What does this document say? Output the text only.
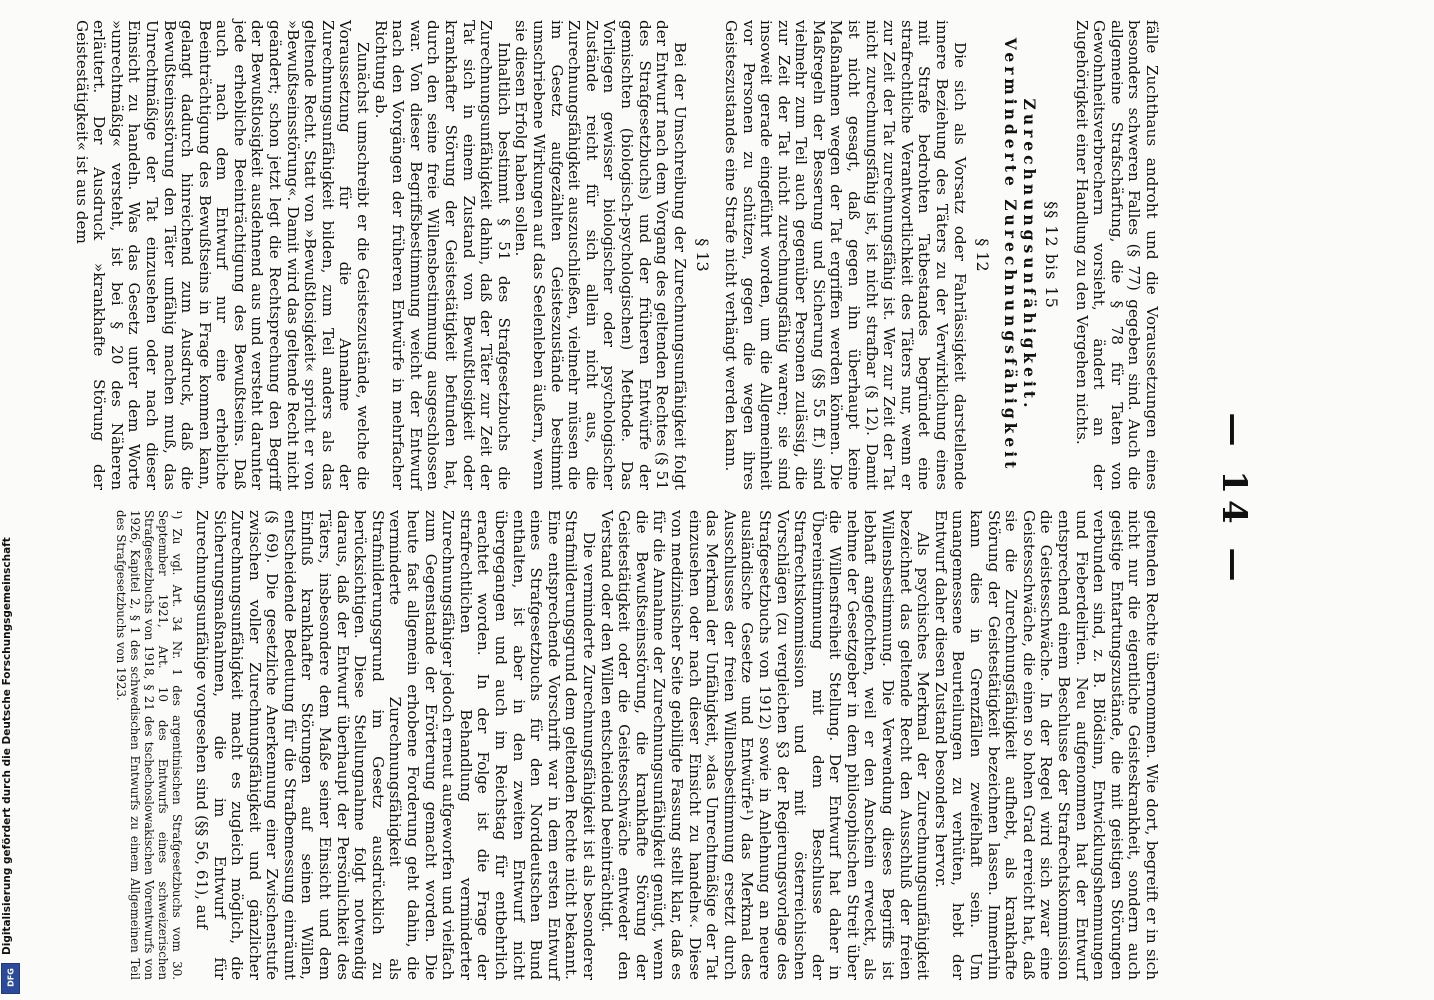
Digitalisierung gefördert durch die Deutsche Forschungsgemeinschaft
DFG
— 14 —

fälle Zuchthaus androht und die Voraussetzungen eines besonders schweren Falles (§ 77) gegeben sind. Auch die allgemeine Strafschärfung, die § 78 für Taten von Gewohnheitsverbrechern vorsieht, ändert an der Zugehörigkeit einer Handlung zu den Vergehen nichts.

§§ 12 bis 15
Zurechnungsunfähigkeit.
Verminderte Zurechnungsfähigkeit
§ 12

Die sich als Vorsatz oder Fahrlässigkeit darstellende innere Beziehung des Täters zu der Verwirklichung eines mit Strafe bedrohten Tatbestandes begründet eine strafrechtliche Verantwortlichkeit des Täters nur, wenn er zur Zeit der Tat zurechnungsfähig ist. Wer zur Zeit der Tat nicht zurechnungsfähig ist, ist nicht strafbar (§ 12). Damit ist nicht gesagt, daß gegen ihn überhaupt keine Maßnahmen wegen der Tat ergriffen werden können. Die Maßregeln der Besserung und Sicherung (§§ 55 ff.) sind vielmehr zum Teil auch gegenüber Personen zulässig, die zur Zeit der Tat nicht zurechnungsfähig waren; sie sind insoweit gerade eingeführt worden, um die Allgemeinheit vor Personen zu schützen, gegen die wegen ihres Geisteszustandes eine Strafe nicht verhängt werden kann.

§ 13

Bei der Umschreibung der Zurechnungsunfähigkeit folgt der Entwurf nach dem Vorgang des geltenden Rechtes (§ 51 des Strafgesetzbuchs) und der früheren Entwürfe der gemischten (biologisch-psychologischen) Methode. Das Vorliegen gewisser biologischer oder psychologischer Zustände reicht für sich allein nicht aus, die Zurechnungsfähigkeit auszuschließen, vielmehr müssen die im Gesetz aufgezählten Geisteszustände bestimmt umschriebene Wirkungen auf das Seelenleben äußern, wenn sie diesen Erfolg haben sollen.

Inhaltlich bestimmt § 51 des Strafgesetzbuchs die Zurechnungsunfähigkeit dahin, daß der Täter zur Zeit der Tat sich in einem Zustand von Bewußtlosigkeit oder krankhafter Störung der Geistestätigkeit befunden hat, durch den seine freie Willensbestimmung ausgeschlossen war. Von dieser Begriffsbestimmung weicht der Entwurf nach den Vorgängen der früheren Entwürfe in mehrfacher Richtung ab.

Zunächst umschreibt er die Geisteszustände, welche die Voraussetzung für die Annahme der Zurechnungsunfähigkeit bilden, zum Teil anders als das geltende Recht. Statt von »Bewußtlosigkeit« spricht er von »Bewußtseinsstörung«. Damit wird das geltende Recht nicht geändert; schon jetzt legt die Rechtsprechung den Begriff der Bewußtlosigkeit ausdehnend aus und versteht darunter jede erhebliche Beeinträchtigung des Bewußtseins. Daß auch nach dem Entwurf nur eine erhebliche Beeinträchtigung des Bewußtseins in Frage kommen kann, gelangt dadurch hinreichend zum Ausdruck, daß die Bewußtseinsstörung den Täter unfähig machen muß, das Unrechtmäßige der Tat einzusehen oder nach dieser Einsicht zu handeln. Was das Gesetz unter dem Worte »unrechtmäßig« versteht, ist bei § 20 des Näheren erläutert. Der Ausdruck »krankhafte Störung der Geistestätigkeit« ist aus dem

geltenden Rechte übernommen. Wie dort, begreift er in sich nicht nur die eigentliche Geisteskrankheit, sondern auch geistige Entartungszustände, die mit geistigen Störungen verbunden sind, z. B. Blödsinn, Entwicklungshemmungen und Fieberdelirien. Neu aufgenommen hat der Entwurf entsprechend einem Beschlusse der Strafrechtskommission die Geistesschwäche. In der Regel wird sich zwar eine Geistesschwäche, die einen so hohen Grad erreicht hat, daß sie die Zurechnungsfähigkeit aufhebt, als krankhafte Störung der Geistestätigkeit bezeichnen lassen. Immerhin kann dies in Grenzfällen zweifelhaft sein. Um unangemessene Beurteilungen zu verhüten, hebt der Entwurf daher diesen Zustand besonders hervor.

Als psychisches Merkmal der Zurechnungsunfähigkeit bezeichnet das geltende Recht den Ausschluß der freien Willensbestimmung. Die Verwendung dieses Begriffs ist lebhaft angefochten, weil er den Anschein erweckt, als nehme der Gesetzgeber in dem philosophischen Streit über die Willensfreiheit Stellung. Der Entwurf hat daher in Übereinstimmung mit dem Beschlusse der Strafrechtskommission und mit österreichischen Vorschlägen (zu vergleichen §3 der Regierungsvorlage des Strafgesetzbuchs von 1912) sowie in Anlehnung an neuere ausländische Gesetze und Entwürfe¹) das Merkmal des Ausschlusses der freien Willensbestimmung ersetzt durch das Merkmal der Unfähigkeit, »das Unrechtmäßige der Tat einzusehen oder nach dieser Einsicht zu handeln«. Diese von medizinischer Seite gebilligte Fassung stellt klar, daß es für die Annahme der Zurechnungsunfähigkeit genügt, wenn die Bewußtseinsstörung, die krankhafte Störung der Geistestätigkeit oder die Geistesschwäche entweder den Verstand oder den Willen entscheidend beeinträchtigt.

Die verminderte Zurechnungsfähigkeit ist als besonderer Strafmilderungsgrund dem geltenden Rechte nicht bekannt. Eine entsprechende Vorschrift war in dem ersten Entwurf eines Strafgesetzbuchs für den Norddeutschen Bund enthalten, ist aber in den zweiten Entwurf nicht übergegangen und auch im Reichstag für entbehrlich erachtet worden. In der Folge ist die Frage der strafrechtlichen Behandlung verminderter Zurechnungsfähiger jedoch erneut aufgeworfen und vielfach zum Gegenstande der Erörterung gemacht worden. Die heute fast allgemein erhobene Forderung geht dahin, die verminderte Zurechnungsfähigkeit als Strafmilderungsgrund im Gesetz ausdrücklich zu berücksichtigen. Diese Stellungnahme folgt notwendig daraus, daß der Entwurf überhaupt der Persönlichkeit des Täters, insbesondere dem Maße seiner Einsicht und dem Einfluß krankhafter Störungen auf seinen Willen, entscheidende Bedeutung für die Strafbemessung einräumt (§ 69). Die gesetzliche Anerkennung einer Zwischenstufe zwischen voller Zurechnungsfähigkeit und gänzlicher Zurechnungsunfähigkeit macht es zugleich möglich, die Sicherungsmaßnahmen, die im Entwurf für Zurechnungsunfähige vorgesehen sind (§§ 56, 61), auf

¹) Zu vgl. Art. 34 Nr. 1 des argentinischen Strafgesetzbuchs vom 30. September 1921, Art. 10 des Entwurfs eines schweizerischen Strafgesetzbuchs von 1918, § 21 des tschechoslowakischen Vorentwurfs von 1926, Kapitel 2, § 1 des schwedischen Entwurfs zu einem Allgemeinen Teil des Strafgesetzbuchs von 1923.
